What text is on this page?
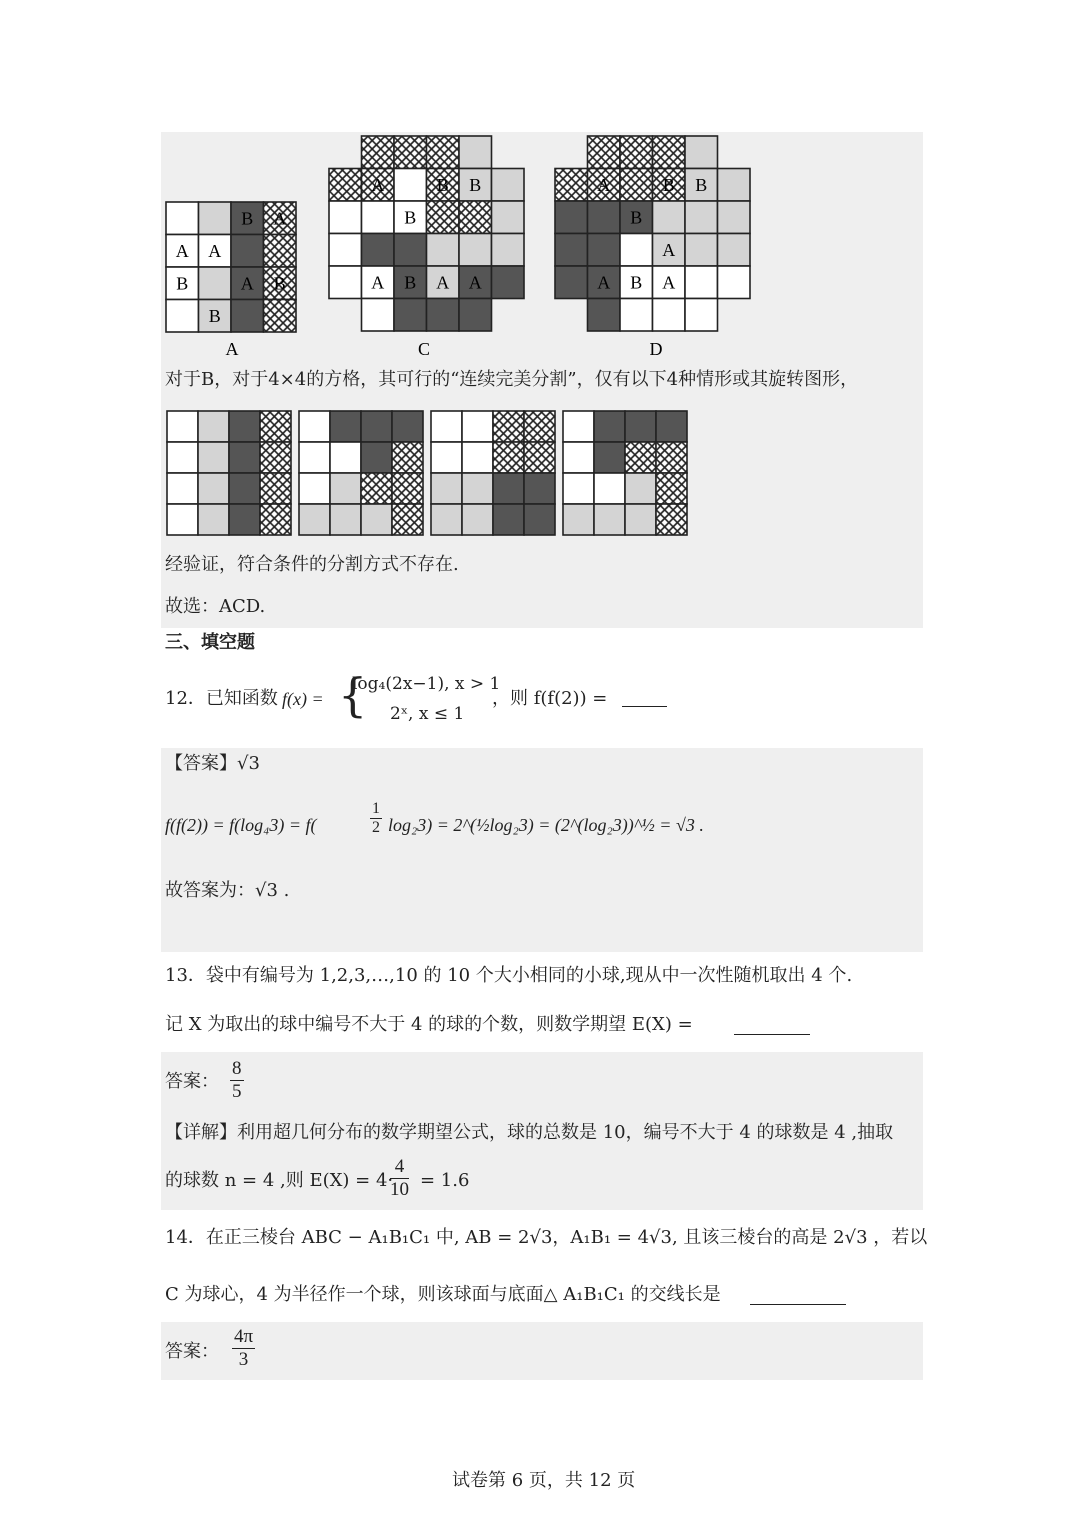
B A
A A
B	A B
B
A	B B
B
A B A A
A	B B
B
A
A B A
A	C	D
对于B，对于4×4的方格，其可行的“连续完美分割”，仅有以下4种情形或其旋转图形，
经验证，符合条件的分割方式不存在.
故选：ACD.
三、填空题
12．已知函数 f(x) = {
log₄(2x−1), x > 1
2ˣ, x ≤ 1
，则 f(f(2)) =
【答案】√3
f(f(2)) = f(log₄3) = f(	$\frac{1}{2} \log_23$) = 2^(½log₂3) = (2^(log₂3))^½ = √3 .
故答案为：√3 .
13．袋中有编号为 1,2,3,…,10 的 10 个大小相同的小球,现从中一次性随机取出 4 个.
记 X 为取出的球中编号不大于 4 的球的个数，则数学期望 E(X) =
答案： $\frac{8}{5}$
【详解】利用超几何分布的数学期望公式，球的总数是 10，编号不大于 4 的球数是 4 ,抽取
的球数 n = 4 ,则 E(X) = 4·
$\frac{4}{10} = 1.6$
14．在正三棱台 ABC − A₁B₁C₁ 中, AB = 2√3，A₁B₁ = 4√3, 且该三棱台的高是 2√3 ，若以
C 为球心，4 为半径作一个球，则该球面与底面△ A₁B₁C₁ 的交线长是
答案： $\frac{4\pi}{3}$
试卷第 6 页，共 12 页
